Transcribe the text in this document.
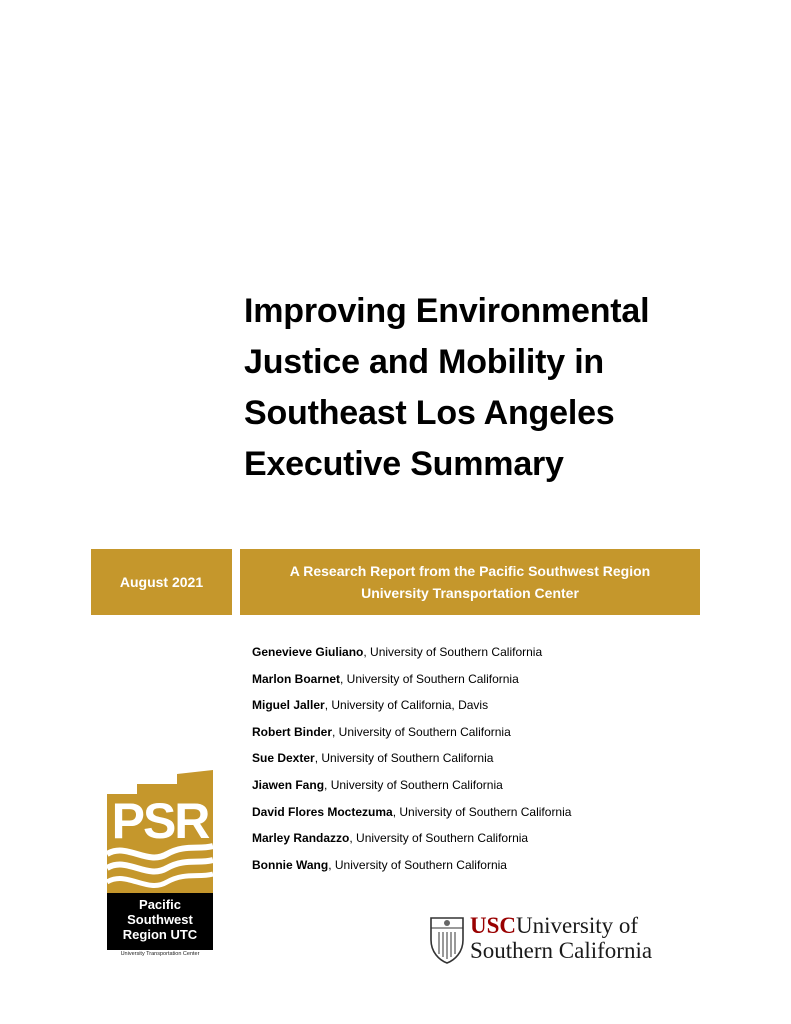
Improving Environmental
Justice and Mobility in
Southeast Los Angeles
Executive Summary
August 2021
A Research Report from the Pacific Southwest Region
University Transportation Center
Genevieve Giuliano, University of Southern California
Marlon Boarnet, University of Southern California
Miguel Jaller, University of California, Davis
Robert Binder, University of Southern California
Sue Dexter, University of Southern California
Jiawen Fang, University of Southern California
David Flores Moctezuma, University of Southern California
Marley Randazzo, University of Southern California
Bonnie Wang, University of Southern California
PSR
Pacific
Southwest
Region UTC
University Transportation Center
USCUniversity of
Southern California
